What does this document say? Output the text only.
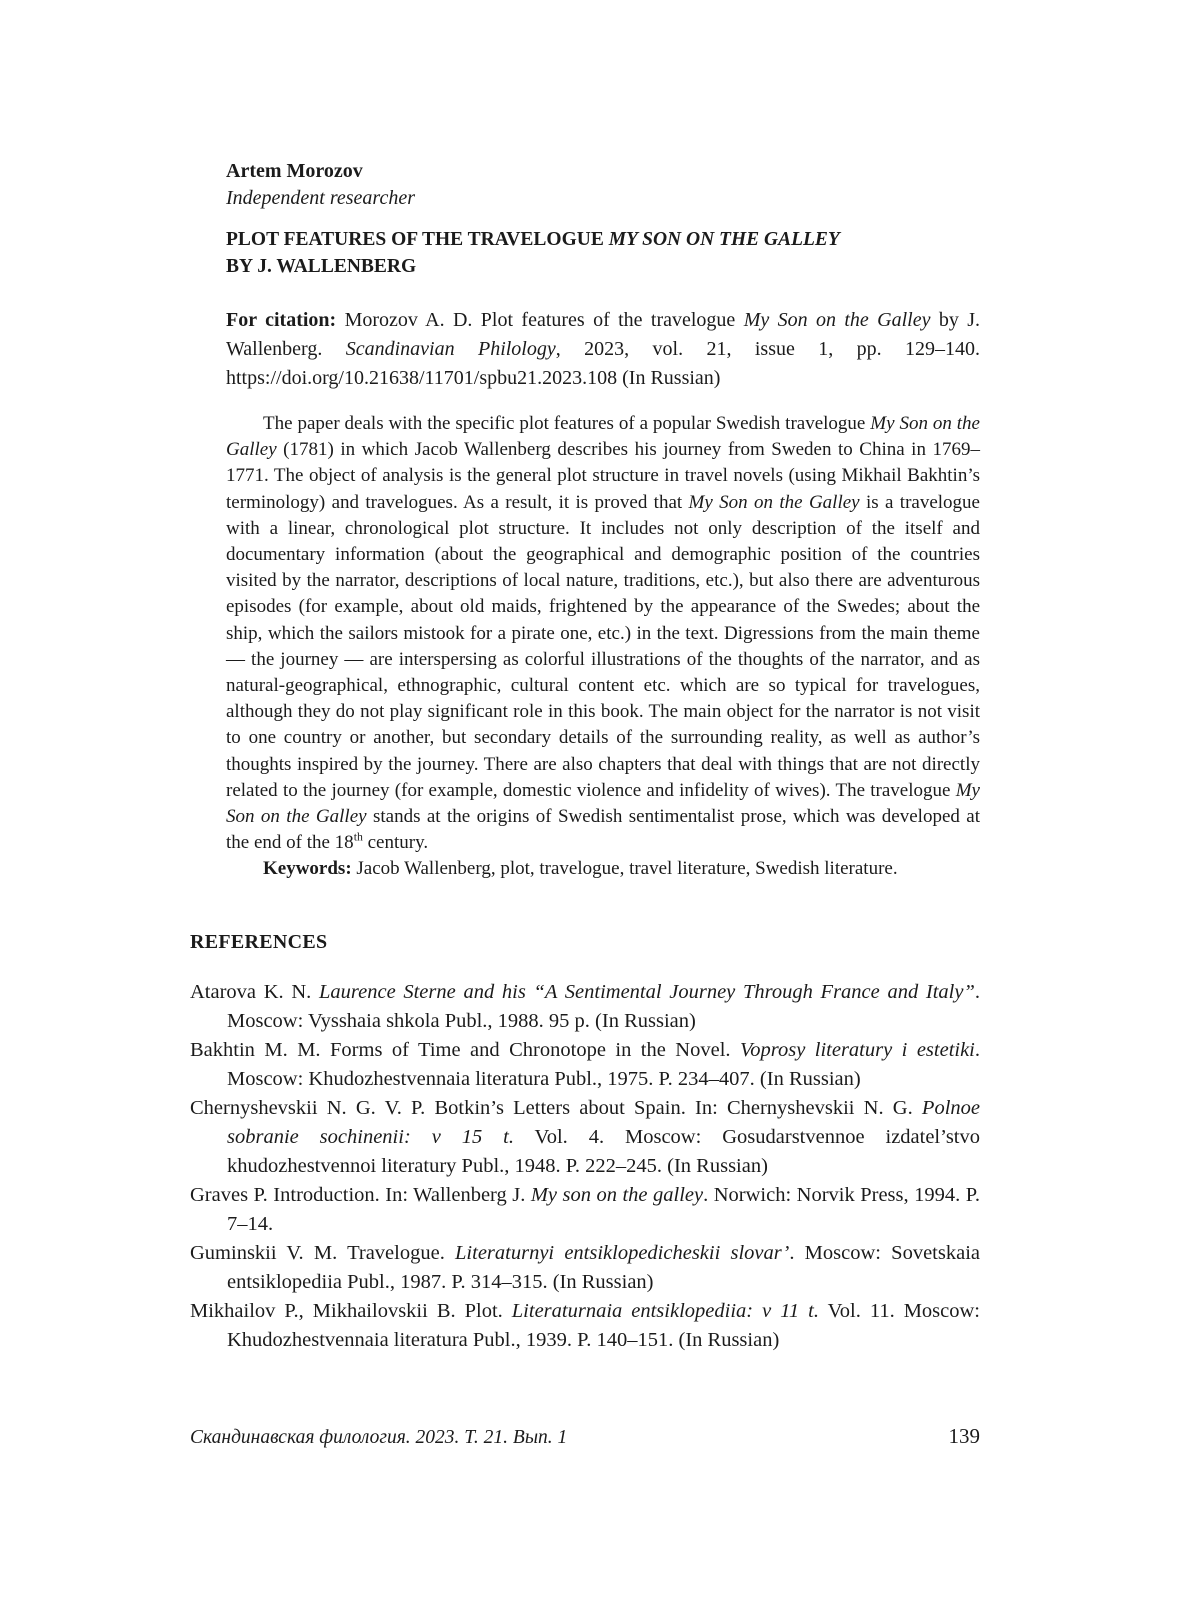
Artem Morozov
Independent researcher
PLOT FEATURES OF THE TRAVELOGUE MY SON ON THE GALLEY
BY J. WALLENBERG

For citation: Morozov A. D. Plot features of the travelogue My Son on the Galley by J. Wallenberg. Scandinavian Philology, 2023, vol. 21, issue 1, pp. 129–140. https://doi.org/10.21638/11701/spbu21.2023.108 (In Russian)

The paper deals with the specific plot features of a popular Swedish travelogue My Son on the Galley (1781) in which Jacob Wallenberg describes his journey from Sweden to China in 1769–1771. The object of analysis is the general plot structure in travel novels (using Mikhail Bakhtin’s terminology) and travelogues. As a result, it is proved that My Son on the Galley is a travelogue with a linear, chronological plot structure. It includes not only description of the itself and documentary information (about the geographical and demographic position of the countries visited by the narrator, descriptions of local nature, traditions, etc.), but also there are adventurous episodes (for example, about old maids, frightened by the appearance of the Swedes; about the ship, which the sailors mistook for a pirate one, etc.) in the text. Digressions from the main theme — the journey — are interspersing as colorful illustrations of the thoughts of the narrator, and as natural-geographical, ethnographic, cultural content etc. which are so typical for travelogues, although they do not play significant role in this book. The main object for the narrator is not visit to one country or another, but secondary details of the surrounding reality, as well as author’s thoughts inspired by the journey. There are also chapters that deal with things that are not directly related to the journey (for example, domestic violence and infidelity of wives). The travelogue My Son on the Galley stands at the origins of Swedish sentimentalist prose, which was developed at the end of the 18th century.

Keywords: Jacob Wallenberg, plot, travelogue, travel literature, Swedish literature.

REFERENCES

Atarova K. N. Laurence Sterne and his “A Sentimental Journey Through France and Italy”. Moscow: Vysshaia shkola Publ., 1988. 95 p. (In Russian)

Bakhtin M. M. Forms of Time and Chronotope in the Novel. Voprosy literatury i estetiki. Moscow: Khudozhestvennaia literatura Publ., 1975. P. 234–407. (In Russian)

Chernyshevskii N. G. V. P. Botkin’s Letters about Spain. In: Chernyshevskii N. G. Polnoe sobranie sochinenii: v 15 t. Vol. 4. Moscow: Gosudarstvennoe izdatel’stvo khudozhestvennoi literatury Publ., 1948. P. 222–245. (In Russian)

Graves P. Introduction. In: Wallenberg J. My son on the galley. Norwich: Norvik Press, 1994. P. 7–14.

Guminskii V. M. Travelogue. Literaturnyi entsiklopedicheskii slovar’. Moscow: Sovetskaia entsiklopediia Publ., 1987. P. 314–315. (In Russian)

Mikhailov P., Mikhailovskii B. Plot. Literaturnaia entsiklopediia: v 11 t. Vol. 11. Moscow: Khudozhestvennaia literatura Publ., 1939. P. 140–151. (In Russian)

Скандинавская филология. 2023. Т. 21. Вып. 1	139
